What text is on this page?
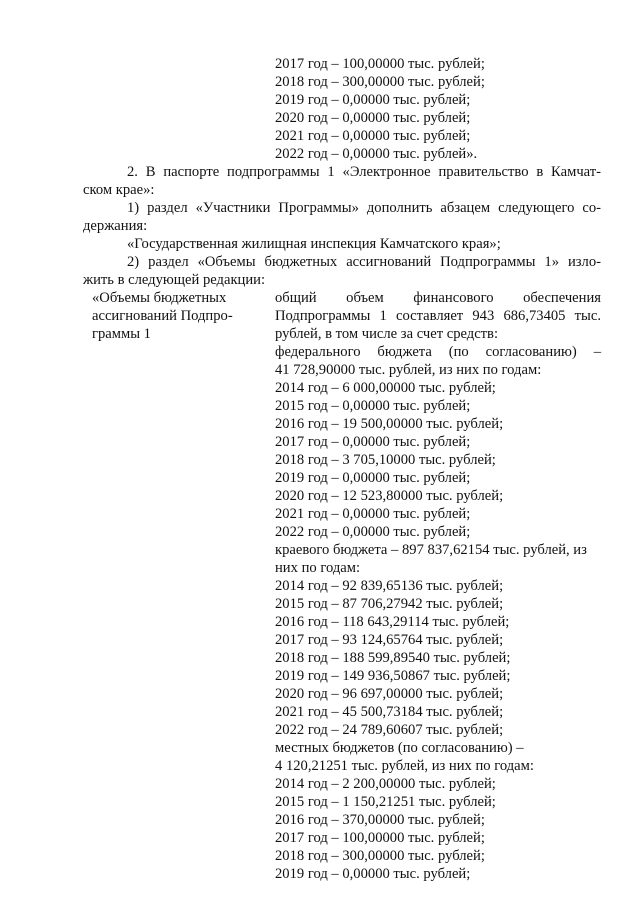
2017 год – 100,00000 тыс. рублей;
2018 год – 300,00000 тыс. рублей;
2019 год – 0,00000 тыс. рублей;
2020 год – 0,00000 тыс. рублей;
2021 год – 0,00000 тыс. рублей;
2022 год – 0,00000 тыс. рублей».
2. В паспорте подпрограммы 1 «Электронное правительство в Камчат-
ском крае»:
1) раздел «Участники Программы» дополнить абзацем следующего со-
держания:
«Государственная жилищная инспекция Камчатского края»;
2) раздел «Объемы бюджетных ассигнований Подпрограммы 1» изло-
жить в следующей редакции:
«Объемы бюджетных
ассигнований Подпро-
граммы 1
общий объем финансового обеспечения
Подпрограммы 1 составляет 943 686,73405 тыс.
рублей, в том числе за счет средств:
федерального бюджета (по согласованию) –
41 728,90000 тыс. рублей, из них по годам:
2014 год – 6 000,00000 тыс. рублей;
2015 год – 0,00000 тыс. рублей;
2016 год – 19 500,00000 тыс. рублей;
2017 год – 0,00000 тыс. рублей;
2018 год – 3 705,10000 тыс. рублей;
2019 год – 0,00000 тыс. рублей;
2020 год – 12 523,80000 тыс. рублей;
2021 год – 0,00000 тыс. рублей;
2022 год – 0,00000 тыс. рублей;
краевого бюджета – 897 837,62154 тыс. рублей, из
них по годам:
2014 год – 92 839,65136 тыс. рублей;
2015 год – 87 706,27942 тыс. рублей;
2016 год – 118 643,29114 тыс. рублей;
2017 год – 93 124,65764 тыс. рублей;
2018 год – 188 599,89540 тыс. рублей;
2019 год – 149 936,50867 тыс. рублей;
2020 год – 96 697,00000 тыс. рублей;
2021 год – 45 500,73184 тыс. рублей;
2022 год – 24 789,60607 тыс. рублей;
местных бюджетов (по согласованию) –
4 120,21251 тыс. рублей, из них по годам:
2014 год – 2 200,00000 тыс. рублей;
2015 год – 1 150,21251 тыс. рублей;
2016 год – 370,00000 тыс. рублей;
2017 год – 100,00000 тыс. рублей;
2018 год – 300,00000 тыс. рублей;
2019 год – 0,00000 тыс. рублей;
